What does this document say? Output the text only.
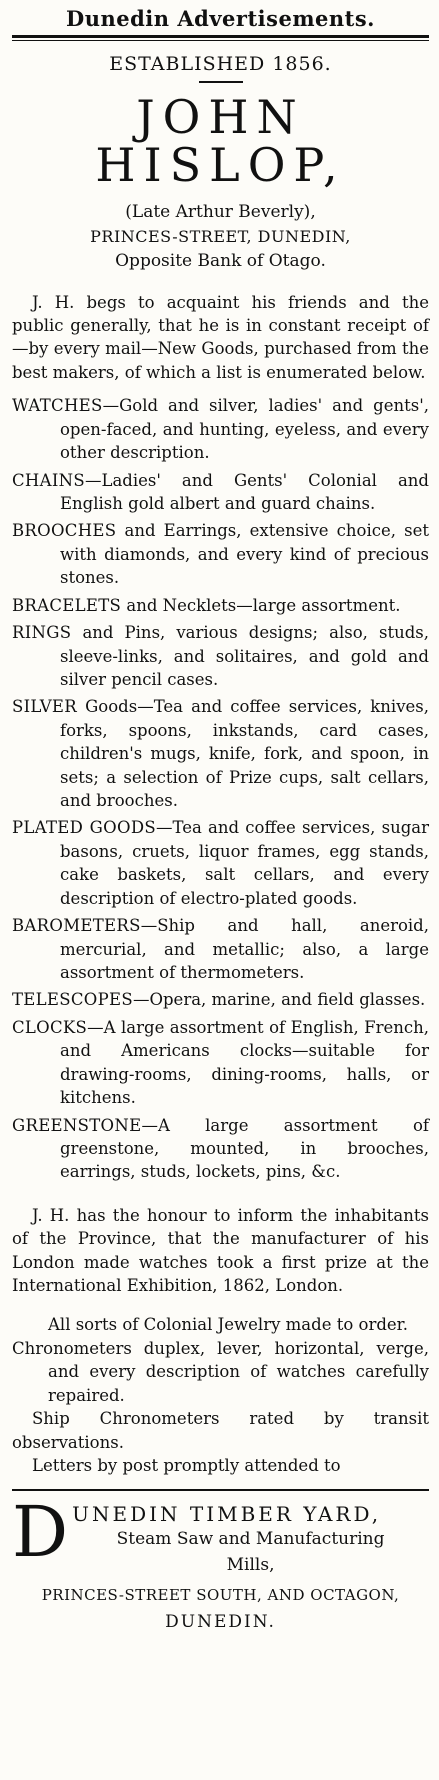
Dunedin Advertisements.
ESTABLISHED 1856.
JOHN HISLOP,
(Late Arthur Beverly),
PRINCES-STREET, DUNEDIN,
Opposite Bank of Otago.

J. H. begs to acquaint his friends and the public generally, that he is in constant receipt of—by every mail—New Goods, purchased from the best makers, of which a list is enumerated below.

WATCHES—Gold and silver, ladies' and gents', open-faced, and hunting, eyeless, and every other description.
CHAINS—Ladies' and Gents' Colonial and English gold albert and guard chains.
BROOCHES and Earrings, extensive choice, set with diamonds, and every kind of precious stones.
BRACELETS and Necklets—large assortment.
RINGS and Pins, various designs; also, studs, sleeve-links, and solitaires, and gold and silver pencil cases.
SILVER Goods—Tea and coffee services, knives, forks, spoons, inkstands, card cases, children's mugs, knife, fork, and spoon, in sets; a selection of Prize cups, salt cellars, and brooches.
PLATED GOODS—Tea and coffee services, sugar basons, cruets, liquor frames, egg stands, cake baskets, salt cellars, and every description of electro-plated goods.
BAROMETERS—Ship and hall, aneroid, mercurial, and metallic; also, a large assortment of thermometers.
TELESCOPES—Opera, marine, and field glasses.
CLOCKS—A large assortment of English, French, and Americans clocks—suitable for drawing-rooms, dining-rooms, halls, or kitchens.
GREENSTONE—A large assortment of greenstone, mounted, in brooches, earrings, studs, lockets, pins, &c.

J. H. has the honour to inform the inhabitants of the Province, that the manufacturer of his London made watches took a first prize at the International Exhibition, 1862, London.

All sorts of Colonial Jewelry made to order.
Chronometers duplex, lever, horizontal, verge, and every description of watches carefully repaired.
Ship Chronometers rated by transit observations.
Letters by post promptly attended to
D UNEDIN TIMBER YARD,
Steam Saw and Manufacturing
Mills,
PRINCES-STREET SOUTH, AND OCTAGON,
DUNEDIN.
